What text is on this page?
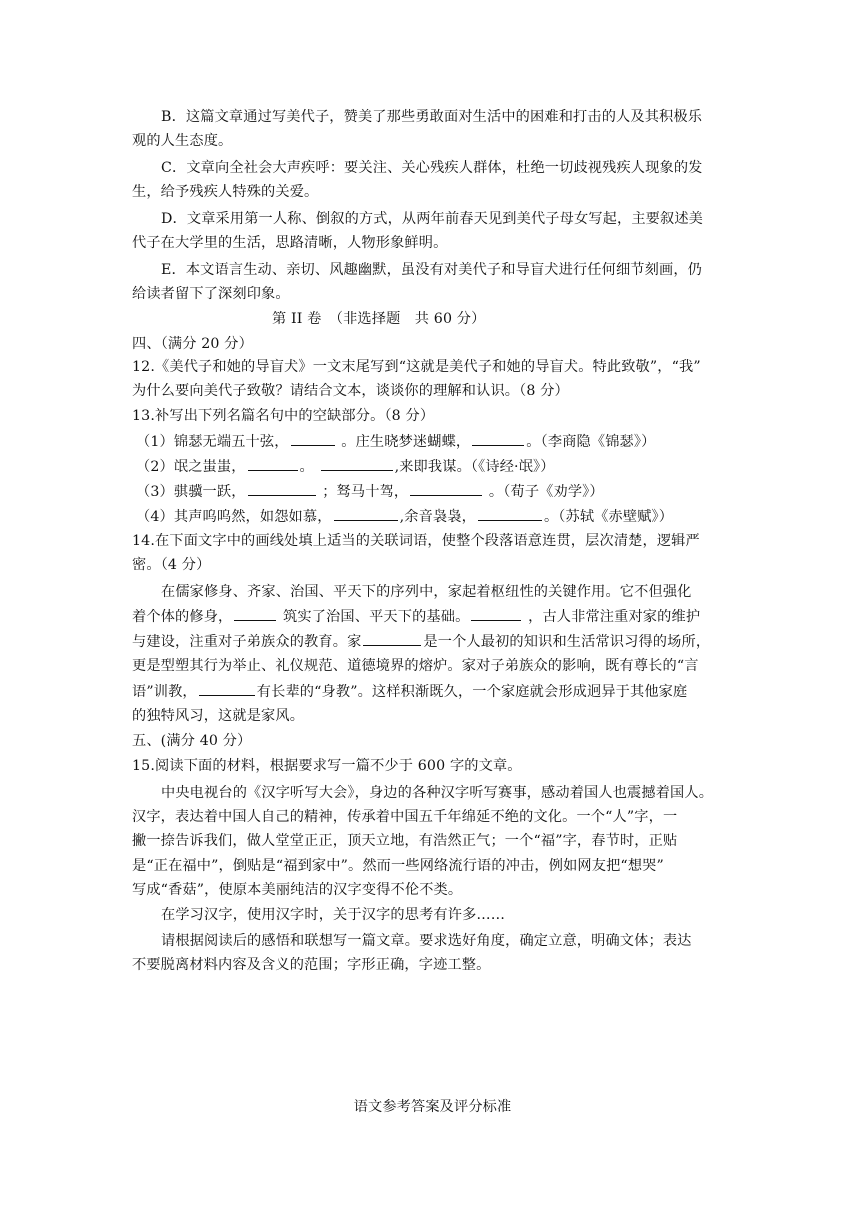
B．这篇文章通过写美代子，赞美了那些勇敢面对生活中的困难和打击的人及其积极乐
观的人生态度。
C．文章向全社会大声疾呼：要关注、关心残疾人群体，杜绝一切歧视残疾人现象的发
生，给予残疾人特殊的关爱。
D．文章采用第一人称、倒叙的方式，从两年前春天见到美代子母女写起，主要叙述美
代子在大学里的生活，思路清晰，人物形象鲜明。
E．本文语言生动、亲切、风趣幽默，虽没有对美代子和导盲犬进行任何细节刻画，仍
给读者留下了深刻印象。
第 II 卷　（非选择题　共 60 分）
四、（满分 20 分）
12.《美代子和她的导盲犬》一文末尾写到“这就是美代子和她的导盲犬。特此致敬”，“我”
为什么要向美代子致敬？请结合文本，谈谈你的理解和认识。（8 分）
13.补写出下列名篇名句中的空缺部分。（8 分）
（1）锦瑟无端五十弦，	。庄生晓梦迷蝴蝶，	。（李商隐《锦瑟》）
（2）氓之蚩蚩，	。	,来即我谋。（《诗经·氓》）
（3）骐骥一跃，	；驽马十驾，	。（荀子《劝学》）
（4）其声呜呜然，如怨如慕，	,余音袅袅，	。（苏轼《赤壁赋》）
14.在下面文字中的画线处填上适当的关联词语，使整个段落语意连贯，层次清楚，逻辑严
密。（4 分）
在儒家修身、齐家、治国、平天下的序列中，家起着枢纽性的关键作用。它不但强化
着个体的修身，	筑实了治国、平天下的基础。	，古人非常注重对家的维护
与建设，注重对子弟族众的教育。家	是一个人最初的知识和生活常识习得的场所，
更是型塑其行为举止、礼仪规范、道德境界的熔炉。家对子弟族众的影响，既有尊长的“言
语”训教，	有长辈的“身教”。这样积渐既久，一个家庭就会形成迥异于其他家庭
的独特风习，这就是家风。
五、(满分 40 分）
15.阅读下面的材料，根据要求写一篇不少于 600 字的文章。
中央电视台的《汉字听写大会》，身边的各种汉字听写赛事，感动着国人也震撼着国人。
汉字，表达着中国人自己的精神，传承着中国五千年绵延不绝的文化。一个“人”字，一
撇一捺告诉我们，做人堂堂正正，顶天立地，有浩然正气；一个“福”字，春节时，正贴
是“正在福中”，倒贴是“福到家中”。然而一些网络流行语的冲击，例如网友把“想哭”
写成“香菇”，使原本美丽纯洁的汉字变得不伦不类。
在学习汉字，使用汉字时，关于汉字的思考有许多……
请根据阅读后的感悟和联想写一篇文章。要求选好角度，确定立意，明确文体；表达
不要脱离材料内容及含义的范围；字形正确，字迹工整。
语文参考答案及评分标准
